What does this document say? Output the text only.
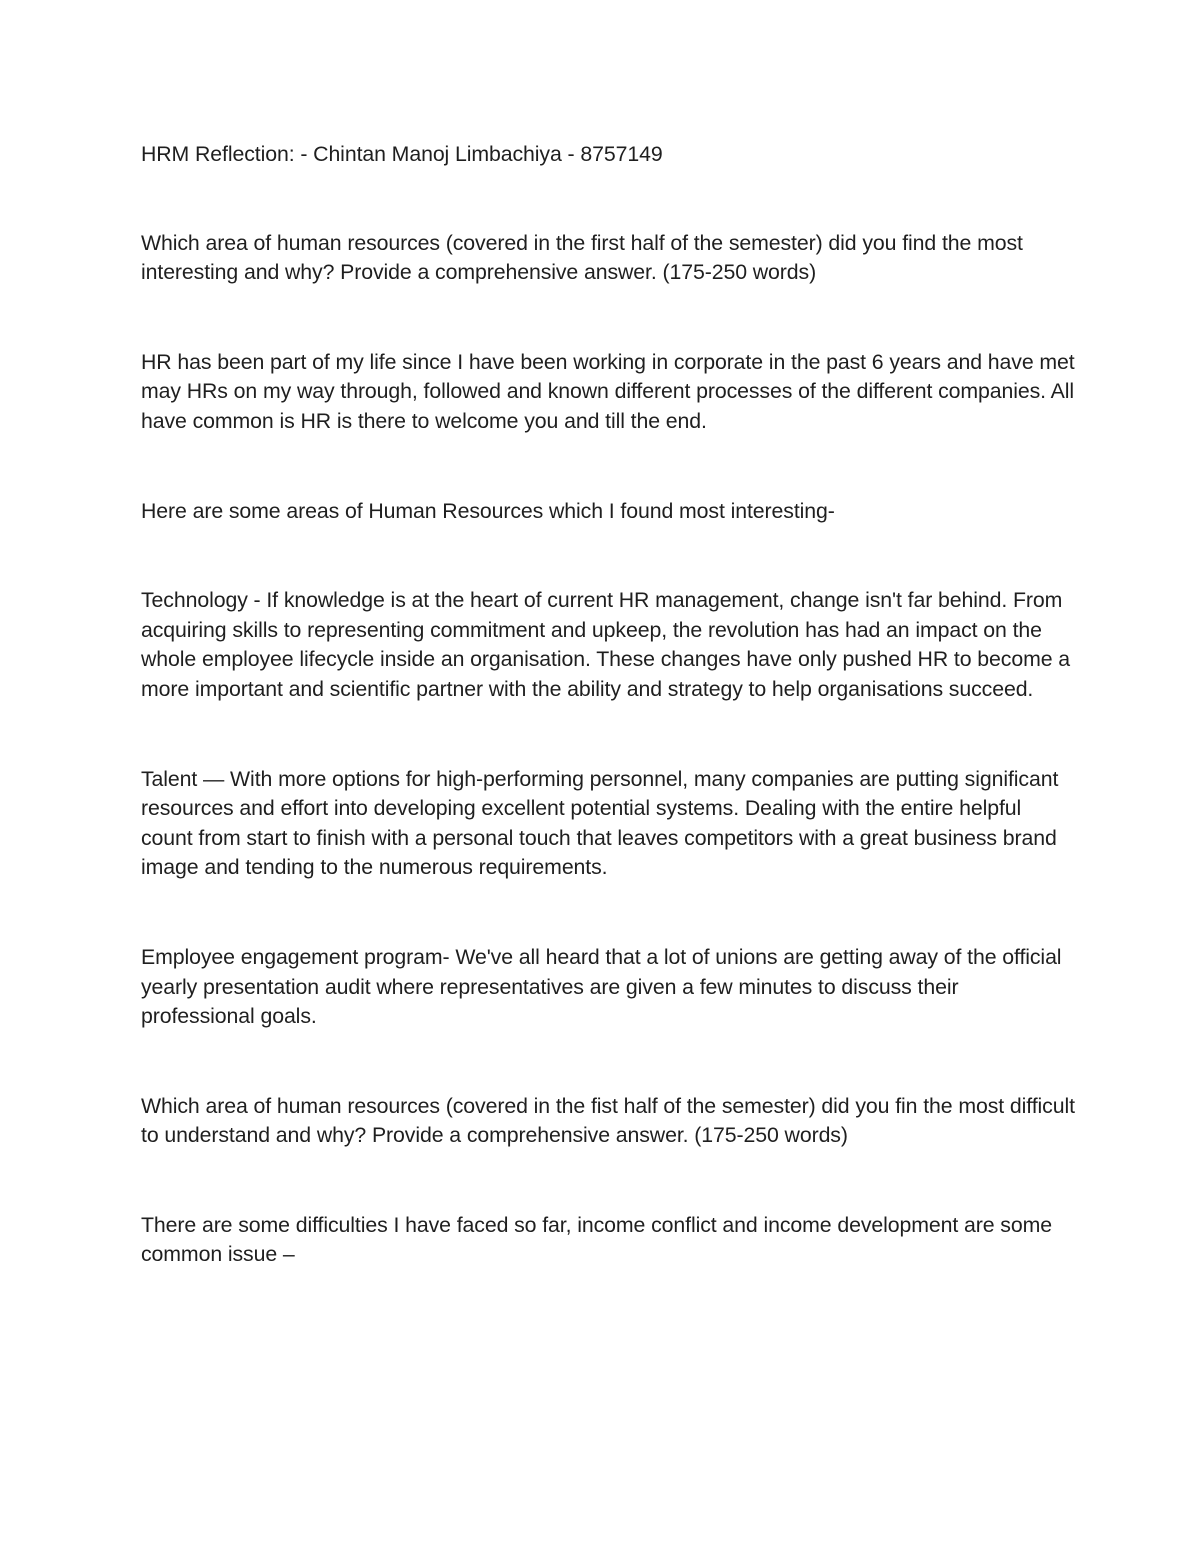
HRM Reflection: - Chintan Manoj Limbachiya - 8757149

Which area of human resources (covered in the first half of the semester) did you find the most interesting and why? Provide a comprehensive answer. (175-250 words)

HR has been part of my life since I have been working in corporate in the past 6 years and have met may HRs on my way through, followed and known different processes of the different companies. All have common is HR is there to welcome you and till the end.

Here are some areas of Human Resources which I found most interesting-

Technology - If knowledge is at the heart of current HR management, change isn't far behind. From acquiring skills to representing commitment and upkeep, the revolution has had an impact on the whole employee lifecycle inside an organisation. These changes have only pushed HR to become a more important and scientific partner with the ability and strategy to help organisations succeed.

Talent — With more options for high-performing personnel, many companies are putting significant resources and effort into developing excellent potential systems. Dealing with the entire helpful count from start to finish with a personal touch that leaves competitors with a great business brand image and tending to the numerous requirements.

Employee engagement program- We've all heard that a lot of unions are getting away of the official yearly presentation audit where representatives are given a few minutes to discuss their professional goals.

Which area of human resources (covered in the fist half of the semester) did you fin the most difficult to understand and why? Provide a comprehensive answer. (175-250 words)

There are some difficulties I have faced so far, income conflict and income development are some common issue –
